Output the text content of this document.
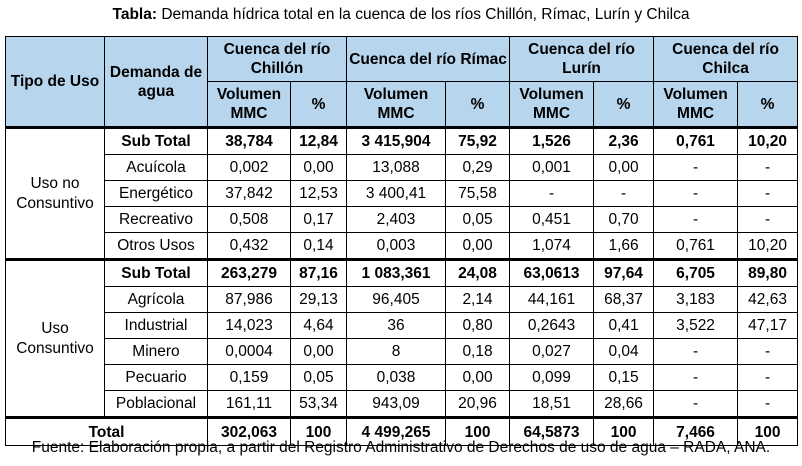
Tabla: Demanda hídrica total en la cuenca de los ríos Chillón, Rímac, Lurín y Chilca
Tipo de Uso	Demanda de agua	Cuenca del río Chillón		Cuenca del río Rímac		Cuenca del río Lurín		Cuenca del río Chilca	
		Volumen MMC	%	Volumen MMC	%	Volumen MMC	%	Volumen MMC	%
Uso no Consuntivo	Sub Total	38,784	12,84	3 415,904	75,92	1,526	2,36	0,761	10,20
	Acuícola	0,002	0,00	13,088	0,29	0,001	0,00	-	-
	Energético	37,842	12,53	3 400,41	75,58	-	-	-	-
	Recreativo	0,508	0,17	2,403	0,05	0,451	0,70	-	-
	Otros Usos	0,432	0,14	0,003	0,00	1,074	1,66	0,761	10,20
Uso Consuntivo	Sub Total	263,279	87,16	1 083,361	24,08	63,0613	97,64	6,705	89,80
	Agrícola	87,986	29,13	96,405	2,14	44,161	68,37	3,183	42,63
	Industrial	14,023	4,64	36	0,80	0,2643	0,41	3,522	47,17
	Minero	0,0004	0,00	8	0,18	0,027	0,04	-	-
	Pecuario	0,159	0,05	0,038	0,00	0,099	0,15	-	-
	Poblacional	161,11	53,34	943,09	20,96	18,51	28,66	-	-
Total		302,063	100	4 499,265	100	64,5873	100	7,466	100
Fuente: Elaboración propia, a partir del Registro Administrativo de Derechos de uso de agua – RADA, ANA.
